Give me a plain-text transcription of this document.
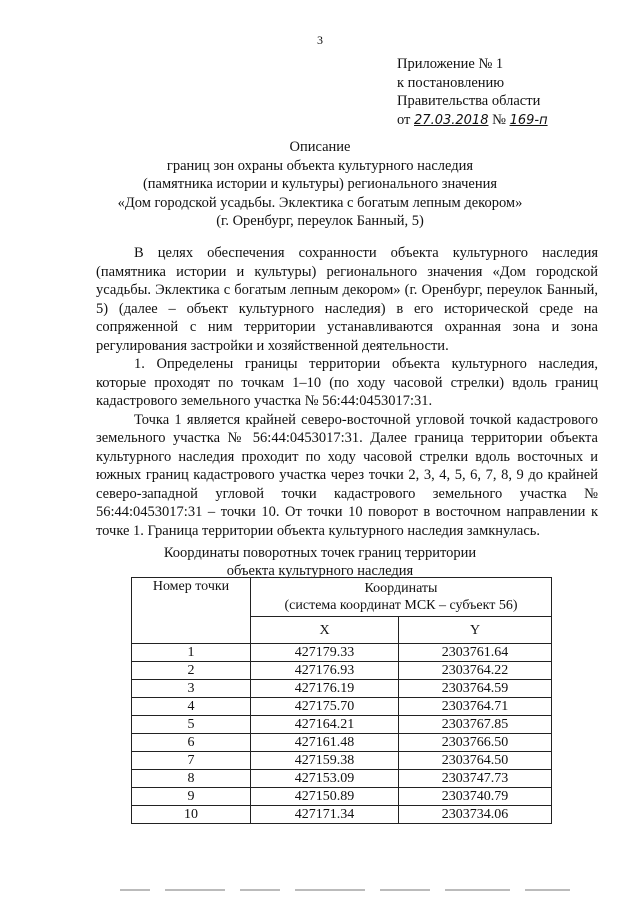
3
Приложение № 1
к постановлению
Правительства области
от 27.03.2018 № 169-п
Описание
границ зон охраны объекта культурного наследия
(памятника истории и культуры) регионального значения
«Дом городской усадьбы. Эклектика с богатым лепным декором»
(г. Оренбург, переулок Банный, 5)

В целях обеспечения сохранности объекта культурного наследия (памятника истории и культуры) регионального значения «Дом городской усадьбы. Эклектика с богатым лепным декором» (г. Оренбург, переулок Банный, 5) (далее – объект культурного наследия) в его исторической среде на сопряженной с ним территории устанавливаются охранная зона и зона регулирования застройки и хозяйственной деятельности.

1. Определены границы территории объекта культурного наследия, которые проходят по точкам 1–10 (по ходу часовой стрелки) вдоль границ кадастрового земельного участка № 56:44:0453017:31.

Точка 1 является крайней северо-восточной угловой точкой кадастрового земельного участка № 56:44:0453017:31. Далее граница территории объекта культурного наследия проходит по ходу часовой стрелки вдоль восточных и южных границ кадастрового участка через точки 2, 3, 4, 5, 6, 7, 8, 9 до крайней северо-западной угловой точки кадастрового земельного участка № 56:44:0453017:31 – точки 10. От точки 10 поворот в восточном направлении к точке 1. Граница территории объекта культурного наследия замкнулась.

Координаты поворотных точек границ территории
объекта культурного наследия
Номер точки	Координаты
(система координат МСК – субъект 56)	

	X	Y
1	427179.33	2303761.64
2	427176.93	2303764.22
3	427176.19	2303764.59
4	427175.70	2303764.71
5	427164.21	2303767.85
6	427161.48	2303766.50
7	427159.38	2303764.50
8	427153.09	2303747.73
9	427150.89	2303740.79
10	427171.34	2303734.06
